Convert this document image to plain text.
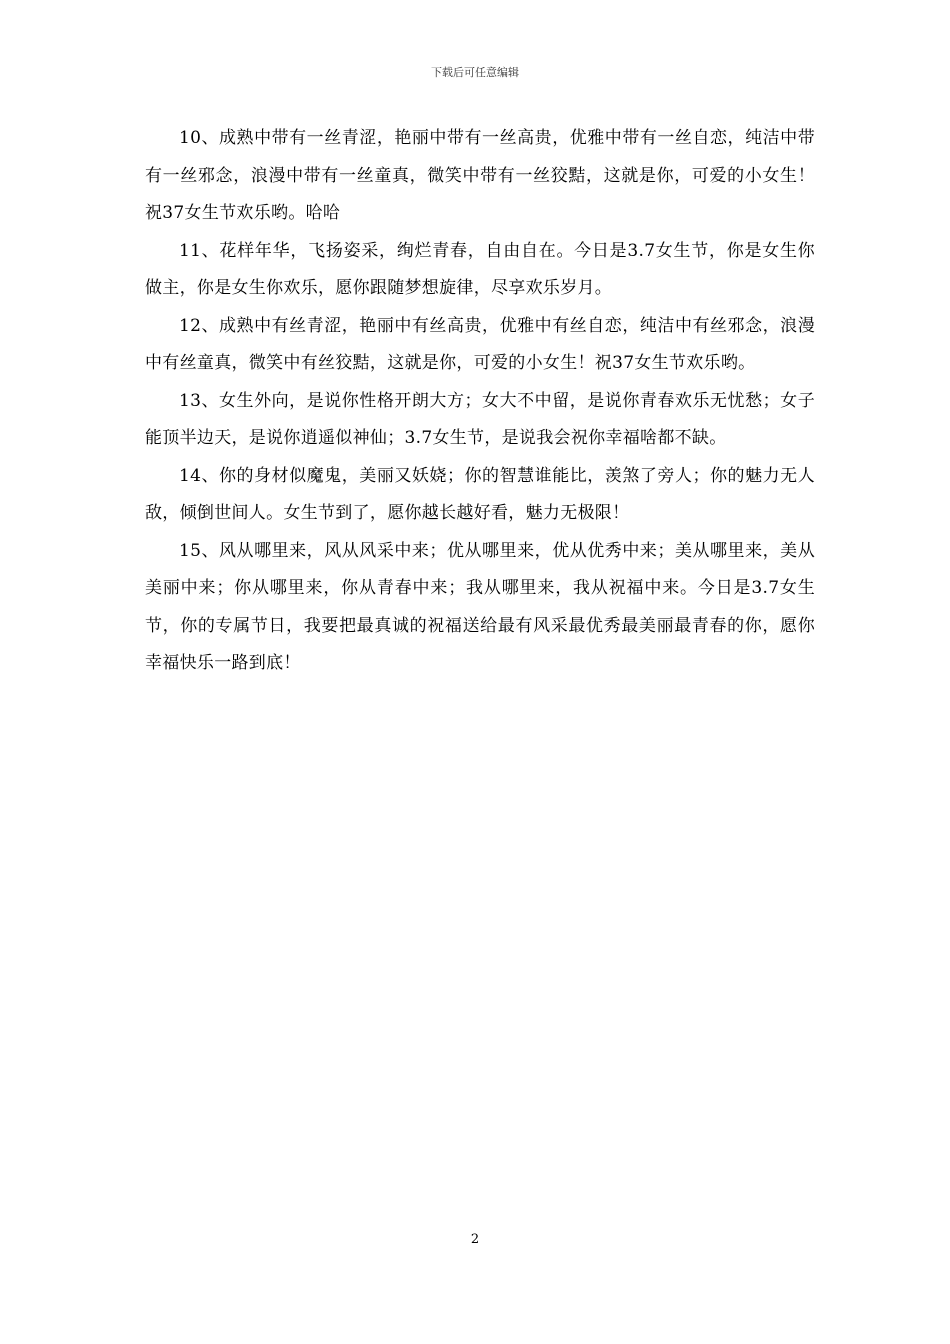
下载后可任意编辑

10、成熟中带有一丝青涩，艳丽中带有一丝高贵，优雅中带有一丝自恋，纯洁中带有一丝邪念，浪漫中带有一丝童真，微笑中带有一丝狡黠，这就是你，可爱的小女生！祝37女生节欢乐哟。哈哈

11、花样年华，飞扬姿采，绚烂青春，自由自在。今日是3.7女生节，你是女生你做主，你是女生你欢乐，愿你跟随梦想旋律，尽享欢乐岁月。

12、成熟中有丝青涩，艳丽中有丝高贵，优雅中有丝自恋，纯洁中有丝邪念，浪漫中有丝童真，微笑中有丝狡黠，这就是你，可爱的小女生！祝37女生节欢乐哟。

13、女生外向，是说你性格开朗大方；女大不中留，是说你青春欢乐无忧愁；女子能顶半边天，是说你逍遥似神仙；3.7女生节，是说我会祝你幸福啥都不缺。

14、你的身材似魔鬼，美丽又妖娆；你的智慧谁能比，羡煞了旁人；你的魅力无人敌，倾倒世间人。女生节到了，愿你越长越好看，魅力无极限！

15、风从哪里来，风从风采中来；优从哪里来，优从优秀中来；美从哪里来，美从美丽中来；你从哪里来，你从青春中来；我从哪里来，我从祝福中来。今日是3.7女生节，你的专属节日，我要把最真诚的祝福送给最有风采最优秀最美丽最青春的你，愿你幸福快乐一路到底！

2
